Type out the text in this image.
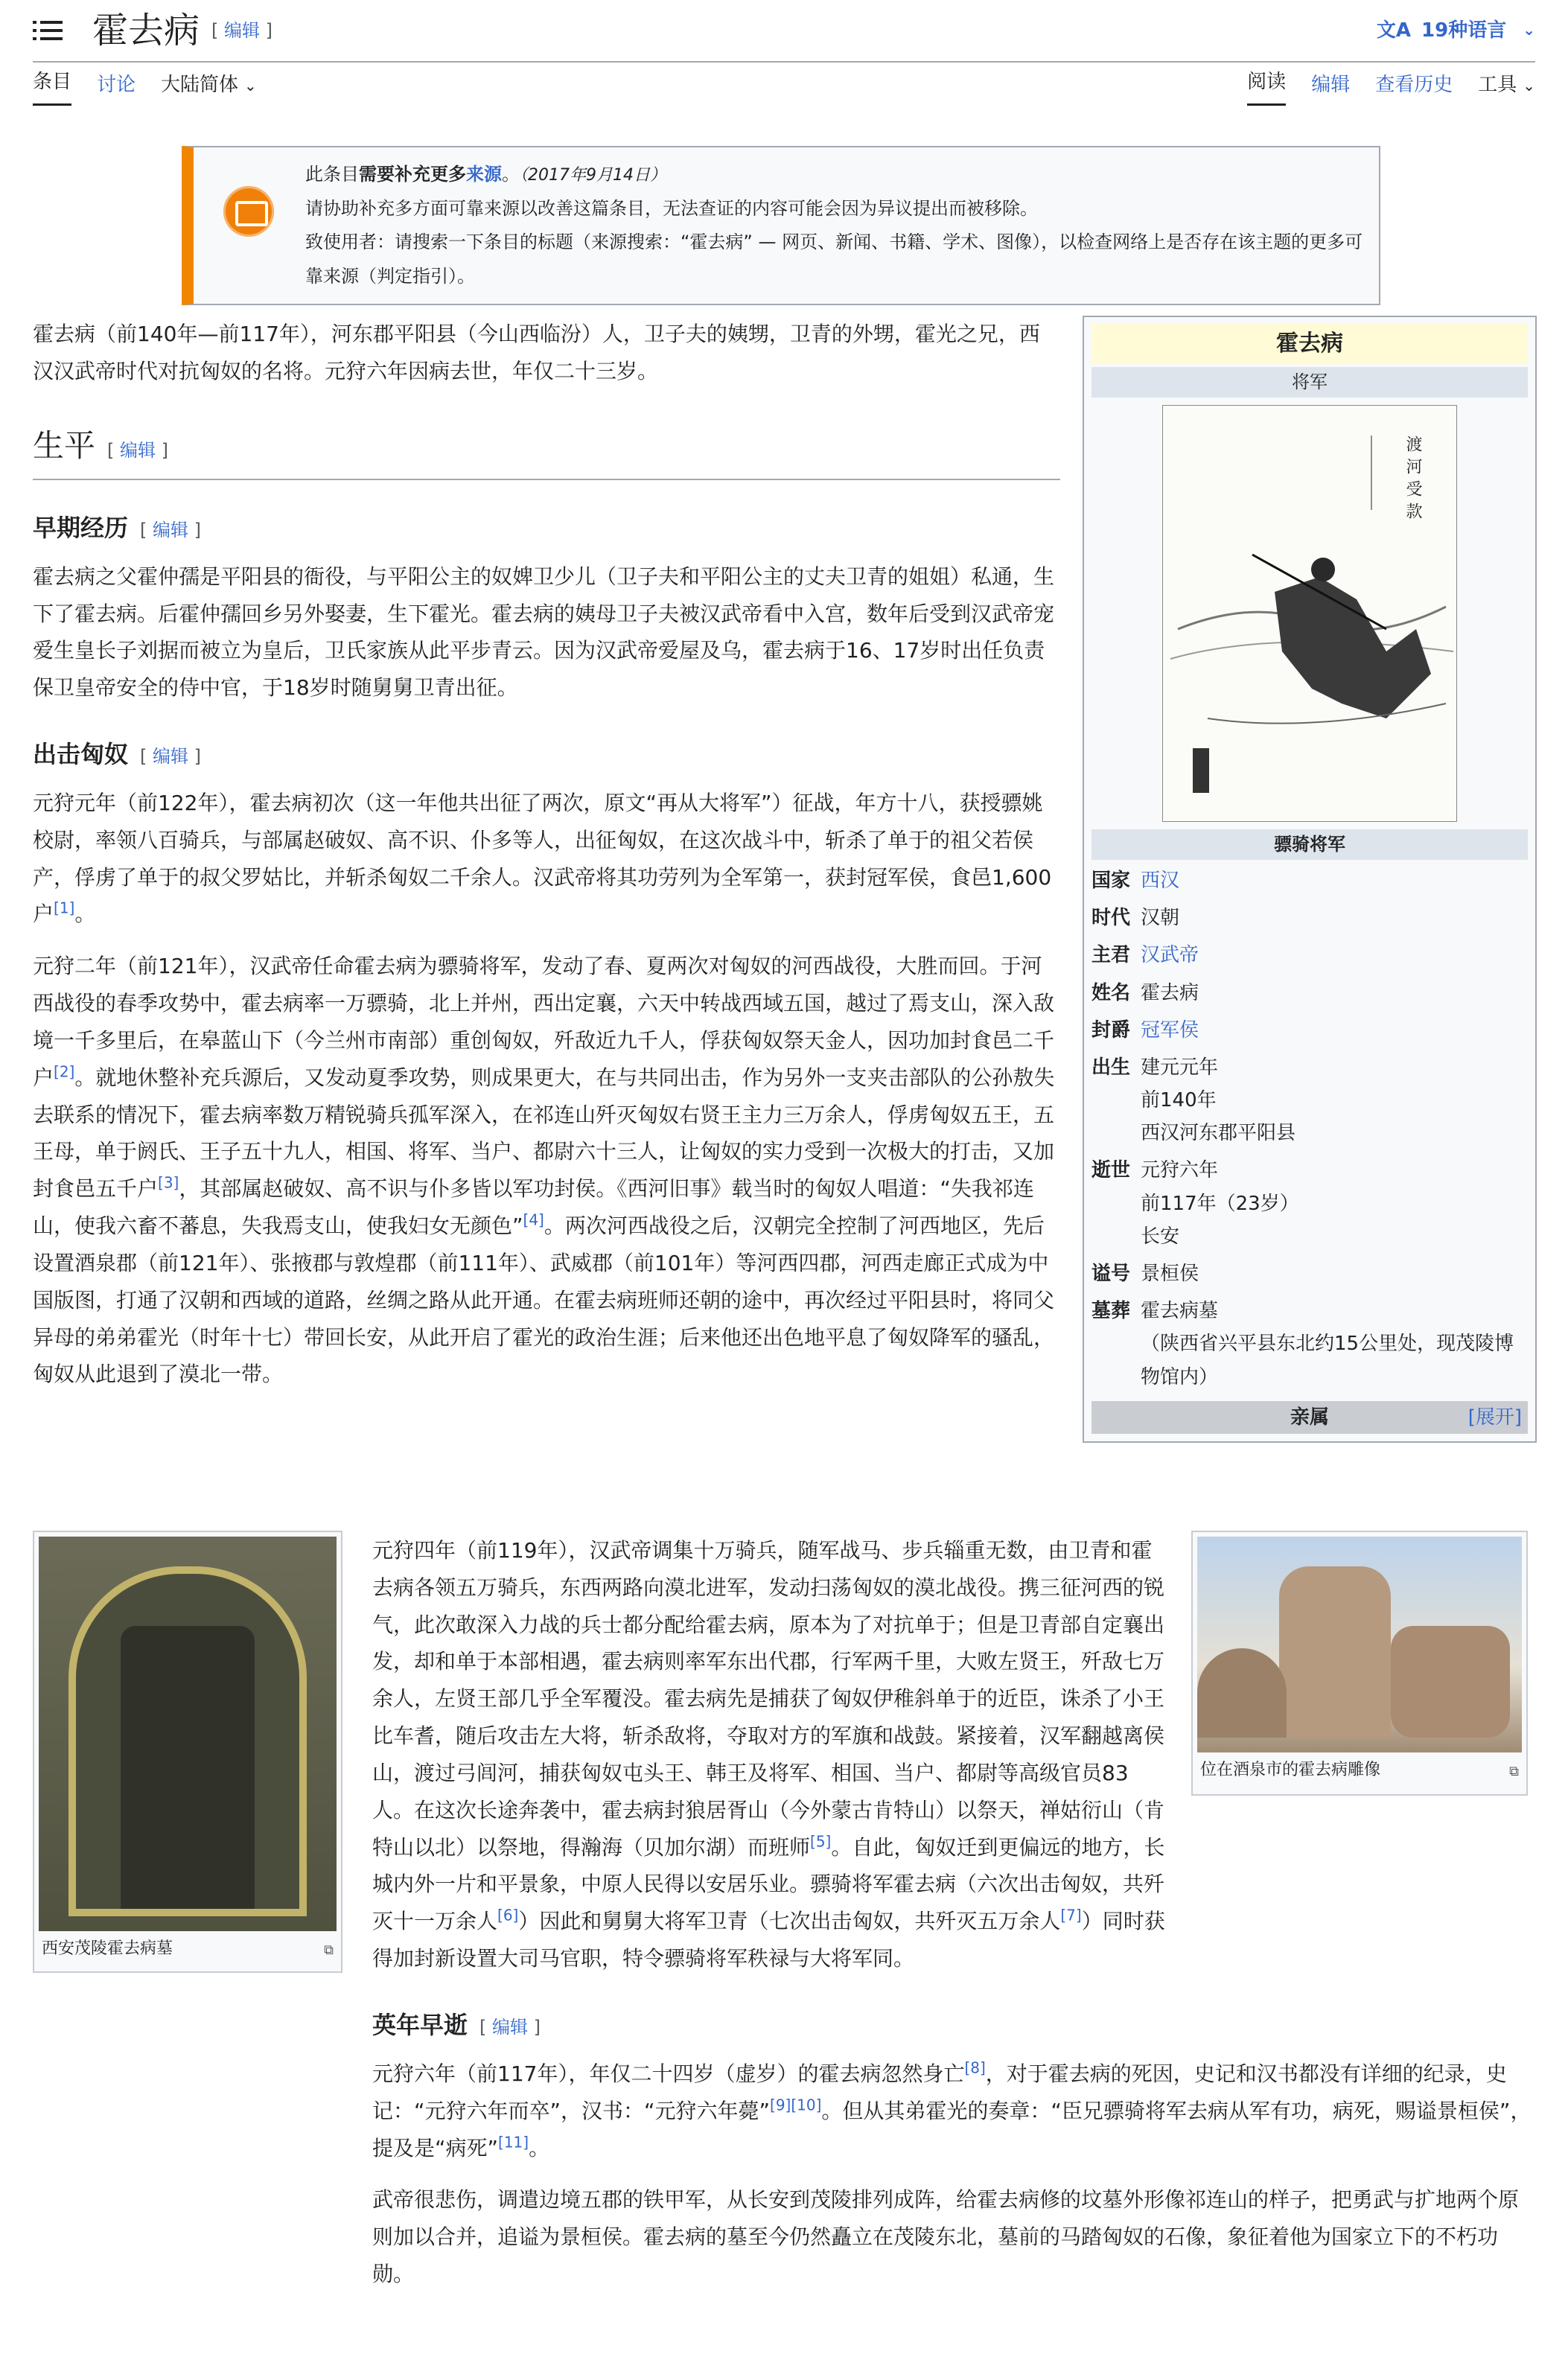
霍去病 [ 编辑 ]	文A 19种语言 ⌄
条目 讨论 大陆简体 ⌄	阅读 编辑 查看历史 工具 ⌄
此条目需要补充更多来源。（2017年9月14日）
请协助补充多方面可靠来源以改善这篇条目，无法查证的内容可能会因为异议提出而被移除。
致使用者：请搜索一下条目的标题（来源搜索：“霍去病” — 网页、新闻、书籍、学术、图像），以检查网络上是否存在该主题的更多可靠来源（判定指引）。
霍去病
将军
渡河受款
骠骑将军
国家 西汉
时代 汉朝
主君 汉武帝
姓名 霍去病
封爵 冠军侯
出生 建元元年
前140年
西汉河东郡平阳县
逝世 元狩六年
前117年（23岁）
长安
谥号 景桓侯
墓葬 霍去病墓
（陕西省兴平县东北约15公里处，现茂陵博物馆内）
亲属	[展开]

霍去病（前140年—前117年），河东郡平阳县（今山西临汾）人，卫子夫的姨甥，卫青的外甥，霍光之兄，西汉汉武帝时代对抗匈奴的名将。元狩六年因病去世，年仅二十三岁。

生平 [ 编辑 ]
早期经历 [ 编辑 ]

霍去病之父霍仲孺是平阳县的衙役，与平阳公主的奴婢卫少儿（卫子夫和平阳公主的丈夫卫青的姐姐）私通，生下了霍去病。后霍仲孺回乡另外娶妻，生下霍光。霍去病的姨母卫子夫被汉武帝看中入宫，数年后受到汉武帝宠爱生皇长子刘据而被立为皇后，卫氏家族从此平步青云。因为汉武帝爱屋及乌，霍去病于16、17岁时出任负责保卫皇帝安全的侍中官，于18岁时随舅舅卫青出征。

出击匈奴 [ 编辑 ]

元狩元年（前122年），霍去病初次（这一年他共出征了两次，原文“再从大将军”）征战，年方十八，获授骠姚校尉，率领八百骑兵，与部属赵破奴、高不识、仆多等人，出征匈奴，在这次战斗中，斩杀了单于的祖父若侯产，俘虏了单于的叔父罗姑比，并斩杀匈奴二千余人。汉武帝将其功劳列为全军第一，获封冠军侯，食邑1,600户[1]。

元狩二年（前121年），汉武帝任命霍去病为骠骑将军，发动了春、夏两次对匈奴的河西战役，大胜而回。于河西战役的春季攻势中，霍去病率一万骠骑，北上并州，西出定襄，六天中转战西域五国，越过了焉支山，深入敌境一千多里后，在皋蓝山下（今兰州市南部）重创匈奴，歼敌近九千人，俘获匈奴祭天金人，因功加封食邑二千户[2]。就地休整补充兵源后，又发动夏季攻势，则成果更大，在与共同出击，作为另外一支夹击部队的公孙敖失去联系的情况下，霍去病率数万精锐骑兵孤军深入，在祁连山歼灭匈奴右贤王主力三万余人，俘虏匈奴五王，五王母，单于阏氏、王子五十九人，相国、将军、当户、都尉六十三人，让匈奴的实力受到一次极大的打击，又加封食邑五千户[3]，其部属赵破奴、高不识与仆多皆以军功封侯。《西河旧事》载当时的匈奴人唱道：“失我祁连山，使我六畜不蕃息，失我焉支山，使我妇女无颜色”[4]。两次河西战役之后，汉朝完全控制了河西地区，先后设置酒泉郡（前121年）、张掖郡与敦煌郡（前111年）、武威郡（前101年）等河西四郡，河西走廊正式成为中国版图，打通了汉朝和西域的道路，丝绸之路从此开通。在霍去病班师还朝的途中，再次经过平阳县时，将同父异母的弟弟霍光（时年十七）带回长安，从此开启了霍光的政治生涯；后来他还出色地平息了匈奴降军的骚乱，匈奴从此退到了漠北一带。

西安茂陵霍去病墓 ⧉
位在酒泉市的霍去病雕像 ⧉

元狩四年（前119年），汉武帝调集十万骑兵，随军战马、步兵辎重无数，由卫青和霍去病各领五万骑兵，东西两路向漠北进军，发动扫荡匈奴的漠北战役。携三征河西的锐气，此次敢深入力战的兵士都分配给霍去病，原本为了对抗单于；但是卫青部自定襄出发，却和单于本部相遇，霍去病则率军东出代郡，行军两千里，大败左贤王，歼敌七万余人，左贤王部几乎全军覆没。霍去病先是捕获了匈奴伊稚斜单于的近臣，诛杀了小王比车耆，随后攻击左大将，斩杀敌将，夺取对方的军旗和战鼓。紧接着，汉军翻越离侯山，渡过弓闾河，捕获匈奴屯头王、韩王及将军、相国、当户、都尉等高级官员83人。在这次长途奔袭中，霍去病封狼居胥山（今外蒙古肯特山）以祭天，禅姑衍山（肯特山以北）以祭地，得瀚海（贝加尔湖）而班师[5]。自此，匈奴迁到更偏远的地方，长城内外一片和平景象，中原人民得以安居乐业。骠骑将军霍去病（六次出击匈奴，共歼灭十一万余人[6]）因此和舅舅大将军卫青（七次出击匈奴，共歼灭五万余人[7]）同时获得加封新设置大司马官职，特令骠骑将军秩禄与大将军同。

英年早逝 [ 编辑 ]

元狩六年（前117年），年仅二十四岁（虚岁）的霍去病忽然身亡[8]，对于霍去病的死因，史记和汉书都没有详细的纪录，史记：“元狩六年而卒”，汉书：“元狩六年薨”[9][10]。但从其弟霍光的奏章：“臣兄骠骑将军去病从军有功，病死，赐谥景桓侯”，提及是“病死”[11]。

武帝很悲伤，调遣边境五郡的铁甲军，从长安到茂陵排列成阵，给霍去病修的坟墓外形像祁连山的样子，把勇武与扩地两个原则加以合并，追谥为景桓侯。霍去病的墓至今仍然矗立在茂陵东北，墓前的马踏匈奴的石像，象征着他为国家立下的不朽功勋。
